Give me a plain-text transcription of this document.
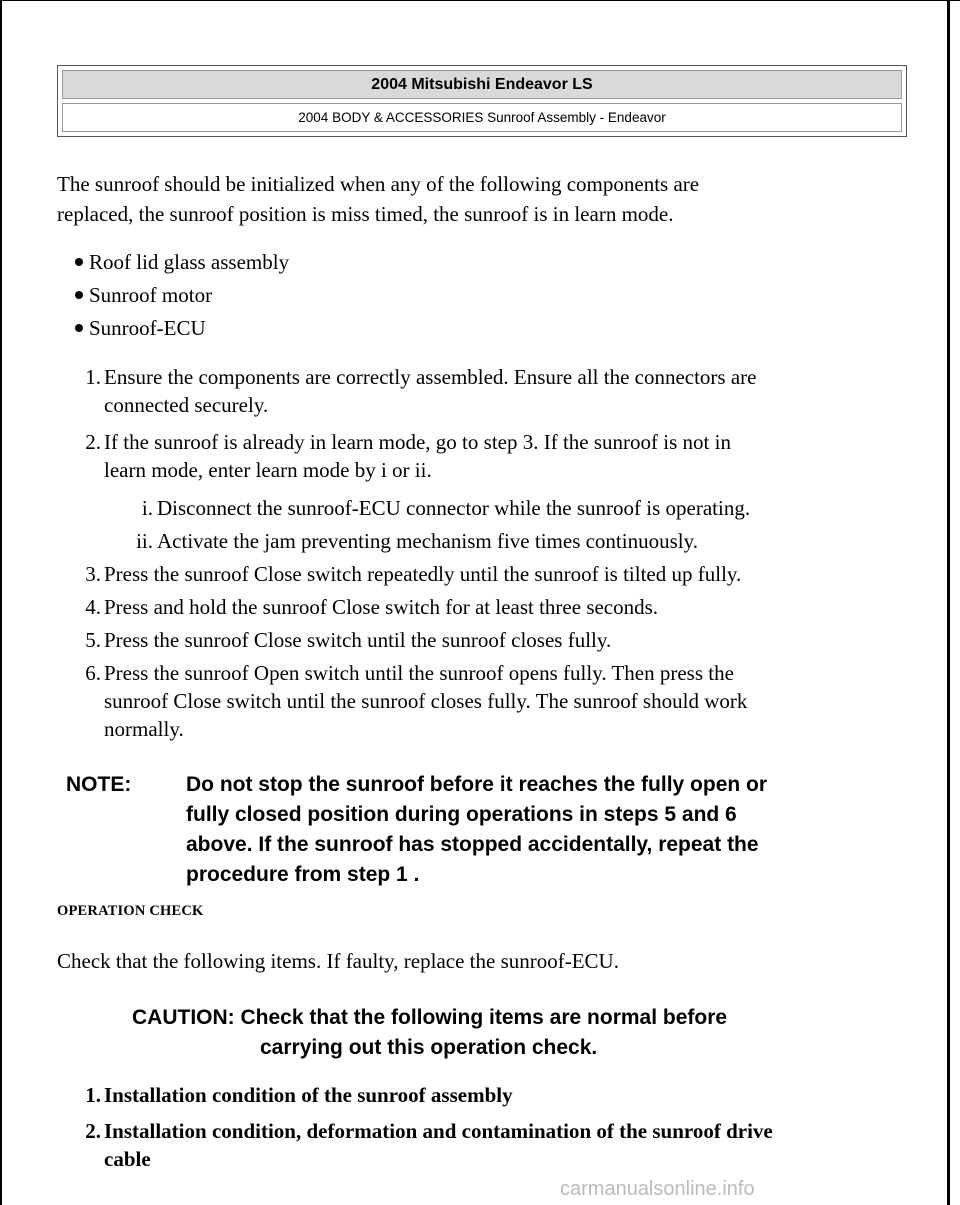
2004 Mitsubishi Endeavor LS
2004 BODY & ACCESSORIES Sunroof Assembly - Endeavor
The sunroof should be initialized when any of the following components are
replaced, the sunroof position is miss timed, the sunroof is in learn mode.
Roof lid glass assembly
Sunroof motor
Sunroof-ECU
1. Ensure the components are correctly assembled. Ensure all the connectors are
connected securely.
2. If the sunroof is already in learn mode, go to step 3. If the sunroof is not in
learn mode, enter learn mode by i or ii.
i. Disconnect the sunroof-ECU connector while the sunroof is operating.
ii. Activate the jam preventing mechanism five times continuously.
3. Press the sunroof Close switch repeatedly until the sunroof is tilted up fully.
4. Press and hold the sunroof Close switch for at least three seconds.
5. Press the sunroof Close switch until the sunroof closes fully.
6. Press the sunroof Open switch until the sunroof opens fully. Then press the
sunroof Close switch until the sunroof closes fully. The sunroof should work
normally.
NOTE:	Do not stop the sunroof before it reaches the fully open or
fully closed position during operations in steps 5 and 6
above. If the sunroof has stopped accidentally, repeat the
procedure from step 1 .
OPERATION CHECK
Check that the following items. If faulty, replace the sunroof-ECU.
CAUTION: Check that the following items are normal before
carrying out this operation check.
1. Installation condition of the sunroof assembly
2. Installation condition, deformation and contamination of the sunroof drive
cable
carmanualsonline.info
